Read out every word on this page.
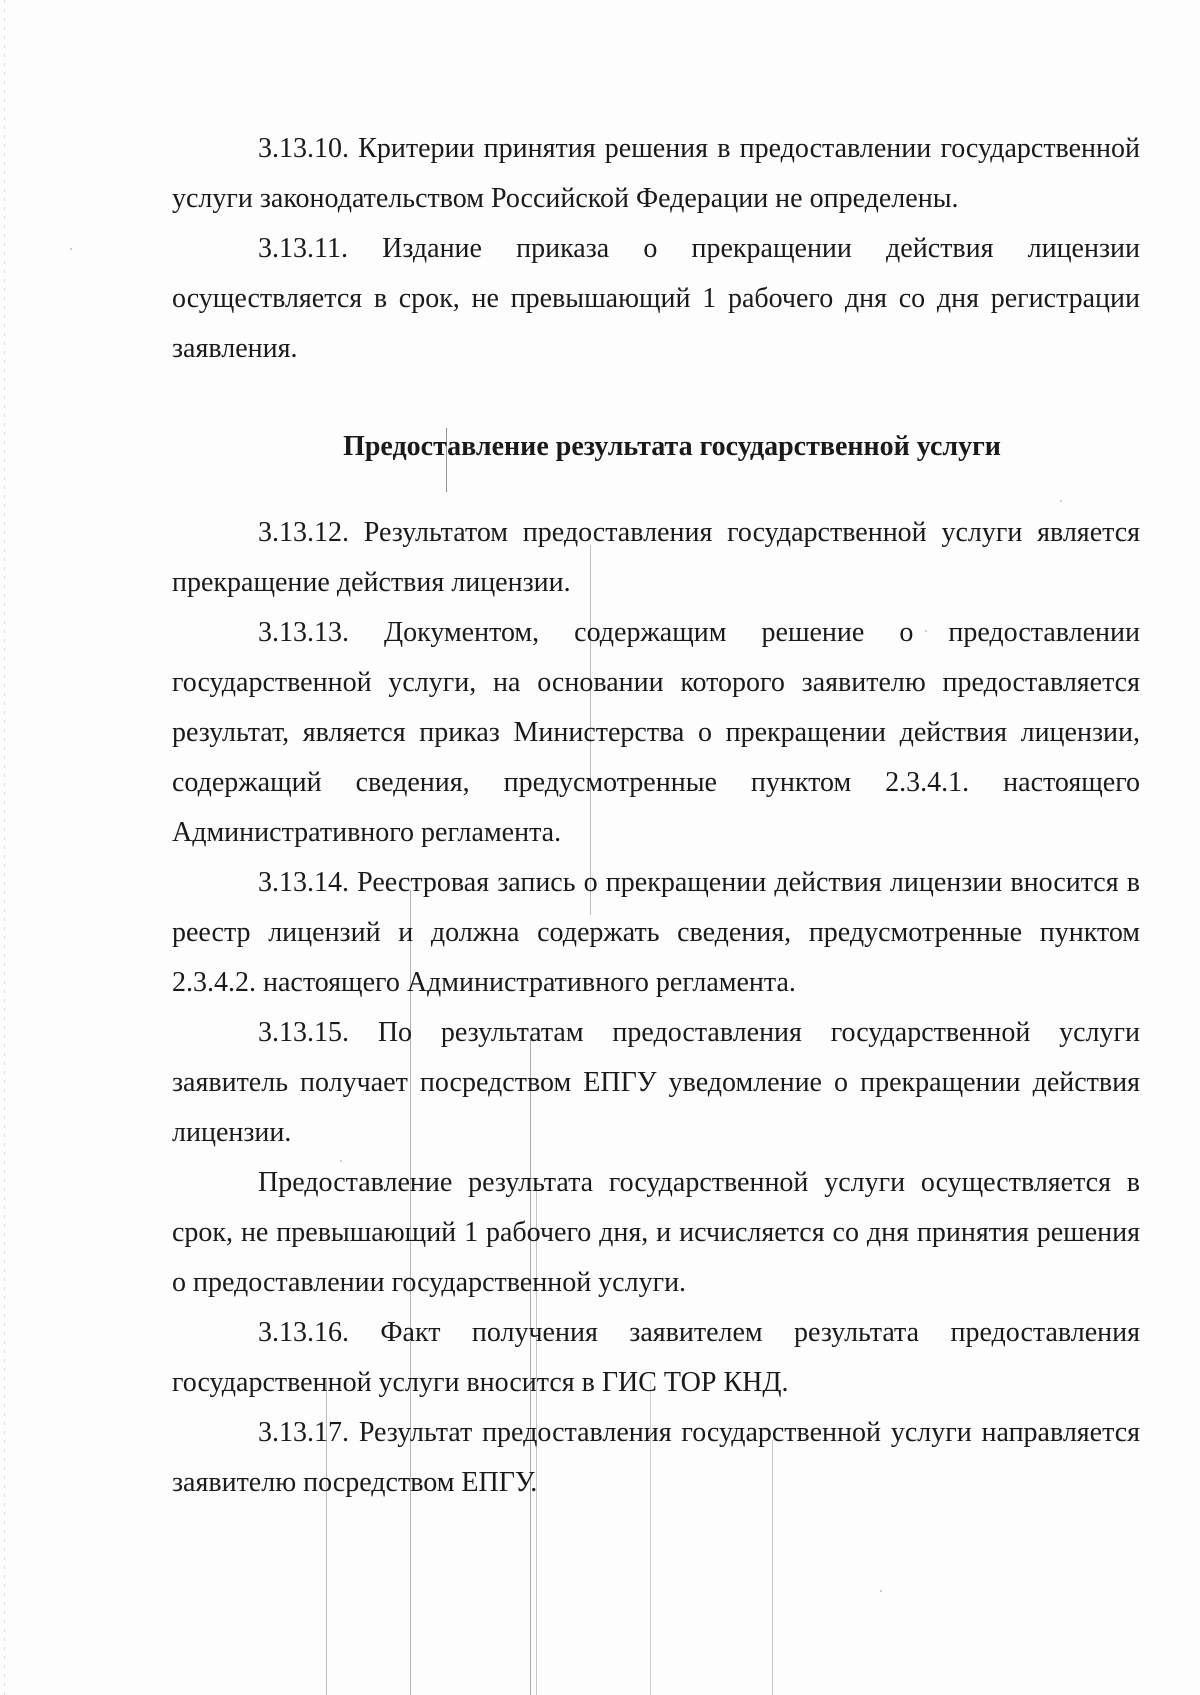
3.13.10. Критерии принятия решения в предоставлении государственной услуги законодательством Российской Федерации не определены.

3.13.11. Издание приказа о прекращении действия лицензии осуществляется в срок, не превышающий 1 рабочего дня со дня регистрации заявления.

Предоставление результата государственной услуги

3.13.12. Результатом предоставления государственной услуги является прекращение действия лицензии.

3.13.13. Документом, содержащим решение о предоставлении государственной услуги, на основании которого заявителю предоставляется результат, является приказ Министерства о прекращении действия лицензии, содержащий сведения, предусмотренные пунктом 2.3.4.1. настоящего Административного регламента.

3.13.14. Реестровая запись о прекращении действия лицензии вносится в реестр лицензий и должна содержать сведения, предусмотренные пунктом 2.3.4.2. настоящего Административного регламента.

3.13.15. По результатам предоставления государственной услуги заявитель получает посредством ЕПГУ уведомление о прекращении действия лицензии.

Предоставление результата государственной услуги осуществляется в срок, не превышающий 1 рабочего дня, и исчисляется со дня принятия решения о предоставлении государственной услуги.

3.13.16. Факт получения заявителем результата предоставления государственной услуги вносится в ГИС ТОР КНД.

3.13.17. Результат предоставления государственной услуги направляется заявителю посредством ЕПГУ.
